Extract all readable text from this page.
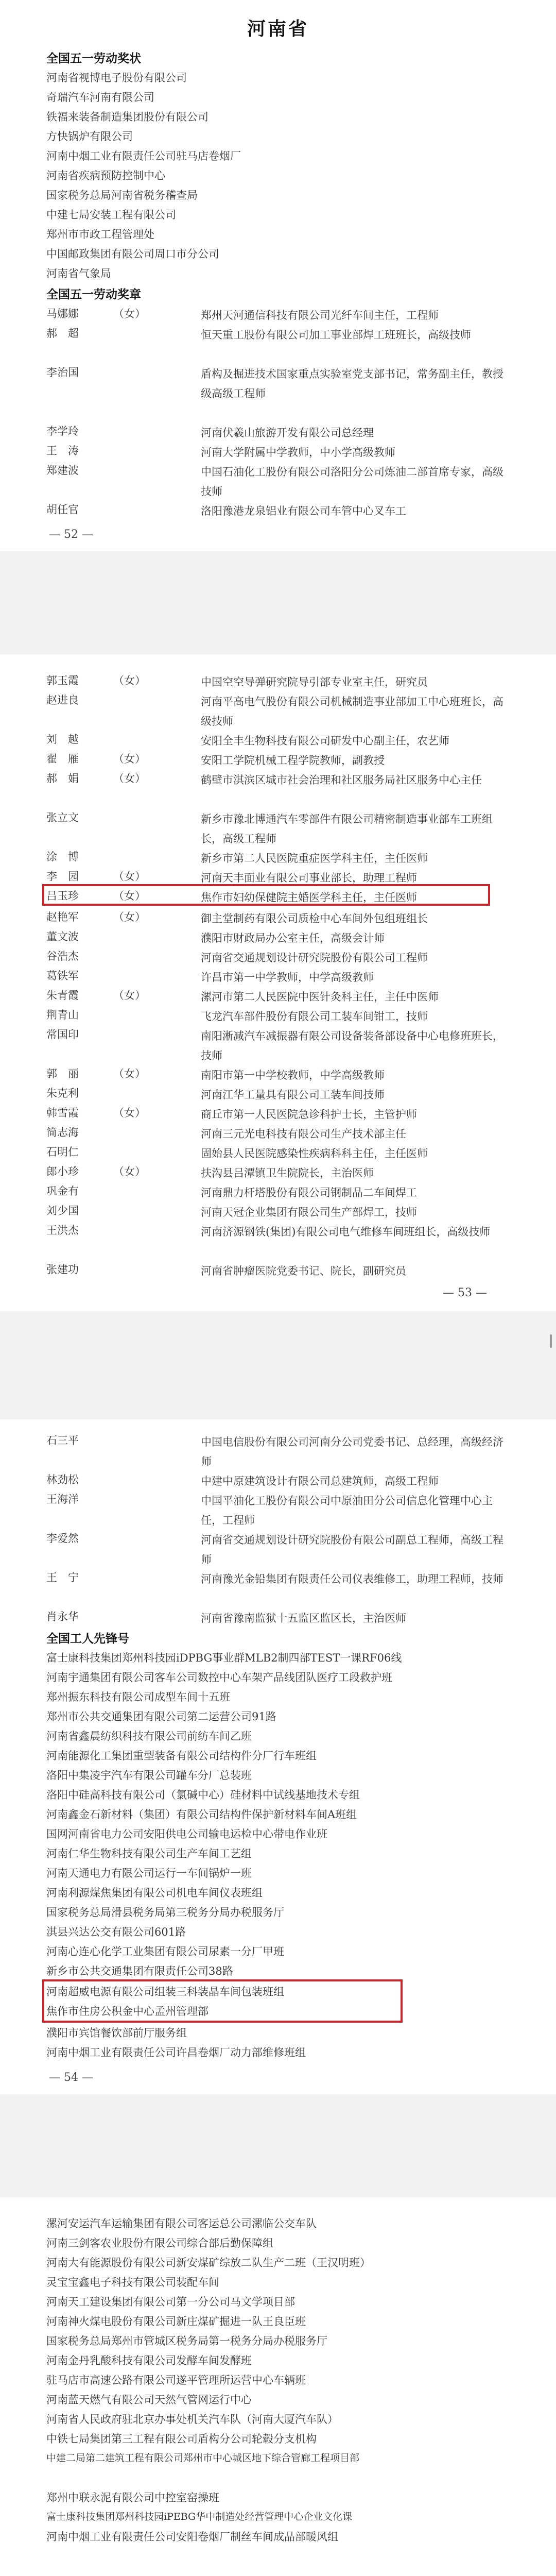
河南省
全国五一劳动奖状
河南省视博电子股份有限公司
奇瑞汽车河南有限公司
铁福来装备制造集团股份有限公司
方快锅炉有限公司
河南中烟工业有限责任公司驻马店卷烟厂
河南省疾病预防控制中心
国家税务总局河南省税务稽查局
中建七局安装工程有限公司
郑州市市政工程管理处
中国邮政集团有限公司周口市分公司
河南省气象局
全国五一劳动奖章
马娜娜	（女）	郑州天河通信科技有限公司光纤车间主任，工程师
郝　超	恒天重工股份有限公司加工事业部焊工班班长，高级技师
李治国	盾构及掘进技术国家重点实验室党支部书记，常务副主任，教授级高级工程师
李学玲	河南伏羲山旅游开发有限公司总经理
王　涛	河南大学附属中学教师，中小学高级教师
郑建波	中国石油化工股份有限公司洛阳分公司炼油二部首席专家，高级技师
胡任官	洛阳豫港龙泉铝业有限公司车管中心叉车工
— 52 —
郭玉霞	（女）	中国空空导弹研究院导引部专业室主任，研究员
赵进良	河南平高电气股份有限公司机械制造事业部加工中心班班长，高级技师
刘　越	安阳全丰生物科技有限公司研发中心副主任，农艺师
翟　雁	（女）	安阳工学院机械工程学院教师，副教授
郝　娟	（女）	鹤壁市淇滨区城市社会治理和社区服务局社区服务中心主任
张立文	新乡市豫北博通汽车零部件有限公司精密制造事业部车工班组长，高级工程师
涂　博	新乡市第二人民医院重症医学科主任，主任医师
李　园	（女）	河南天丰面业有限公司事业部长，助理工程师
吕玉珍	（女）	焦作市妇幼保健院主婚医学科主任，主任医师
赵艳军	（女）	御主堂制药有限公司质检中心车间外包组班组长
董文波	濮阳市财政局办公室主任，高级会计师
谷浩杰	河南省交通规划设计研究院股份有限公司工程师
葛铁军	许昌市第一中学教师，中学高级教师
朱青霞	（女）	漯河市第二人民医院中医针灸科主任，主任中医师
荆青山	飞龙汽车部件股份有限公司工装车间钳工，技师
常国印	南阳淅减汽车减振器有限公司设备装备部设备中心电修班班长，技师
郭　丽	（女）	南阳市第一中学校教师，中学高级教师
朱克利	河南江华工量具有限公司工装车间技师
韩雪霞	（女）	商丘市第一人民医院急诊科护士长，主管护师
简志海	河南三元光电科技有限公司生产技术部主任
石明仁	固始县人民医院感染性疾病科科主任，主任医师
郎小珍	（女）	扶沟县吕潭镇卫生院院长，主治医师
巩金有	河南鼎力杆塔股份有限公司钢制品二车间焊工
刘少国	河南天冠企业集团有限公司生产部焊工，技师
王洪杰	河南济源钢铁(集团)有限公司电气维修车间班组长，高级技师
张建功	河南省肿瘤医院党委书记、院长，副研究员
— 53 —
石三平	中国电信股份有限公司河南分公司党委书记、总经理，高级经济师
林劲松	中建中原建筑设计有限公司总建筑师，高级工程师
王海洋	中国平油化工股份有限公司中原油田分公司信息化管理中心主任，工程师
李爱然	河南省交通规划设计研究院股份有限公司副总工程师，高级工程师
王　宁	河南豫光金铅集团有限责任公司仪表维修工，助理工程师，技师
肖永华	河南省豫南监狱十五监区监区长，主治医师
全国工人先锋号
富士康科技集团郑州科技园iDPBG事业群MLB2制四部TEST一课RF06线
河南宇通集团有限公司客车公司数控中心车架产品线团队医疗工段救护班
郑州振东科技有限公司成型车间十五班
郑州市公共交通集团有限公司第二运营公司91路
河南省鑫晨纺织科技有限公司前纺车间乙班
河南能源化工集团重型装备有限公司结构件分厂行车班组
洛阳中集凌宇汽车有限公司罐车分厂总装班
洛阳中硅高科技有限公司（氯碱中心）硅材料中试线基地技术专组
河南鑫金石新材料（集团）有限公司结构件保护新材料车间A班组
国网河南省电力公司安阳供电公司输电运检中心带电作业班
河南仁华生物科技有限公司生产车间工艺组
河南天通电力有限公司运行一车间锅炉一班
河南利源煤焦集团有限公司机电车间仪表班组
国家税务总局滑县税务局第三税务分局办税服务厅
淇县兴达公交有限公司601路
河南心连心化学工业集团有限公司尿素一分厂甲班
新乡市公共交通集团有限责任公司38路
河南超威电源有限公司组装三科装晶车间包装班组
焦作市住房公积金中心孟州管理部
濮阳市宾馆餐饮部前厅服务组
河南中烟工业有限责任公司许昌卷烟厂动力部维修班组
— 54 —
漯河安运汽车运输集团有限公司客运总公司漯临公交车队
河南三剑客农业股份有限公司综合部后勤保障组
河南大有能源股份有限公司新安煤矿综放二队生产二班（王汉明班）
灵宝宝鑫电子科技有限公司装配车间
河南天工建设集团有限公司第一分公司马文学项目部
河南神火煤电股份有限公司新庄煤矿掘进一队王良臣班
国家税务总局郑州市管城区税务局第一税务分局办税服务厅
河南金丹乳酸科技有限公司发酵车间发酵班
驻马店市高速公路有限公司遂平管理所运营中心车辆班
河南蓝天燃气有限公司天然气管网运行中心
河南省人民政府驻北京办事处机关汽车队（河南大厦汽车队）
中铁七局集团第三工程有限公司盾构分公司轮毂分支机构
中建二局第二建筑工程有限公司郑州市中心城区地下综合管廊工程项目部
郑州中联永泥有限公司中控室窑操班
富士康科技集团郑州科技园iPEBG华中制造处经营管理中心企业文化课
河南中烟工业有限责任公司安阳卷烟厂制丝车间成品部暖风组
